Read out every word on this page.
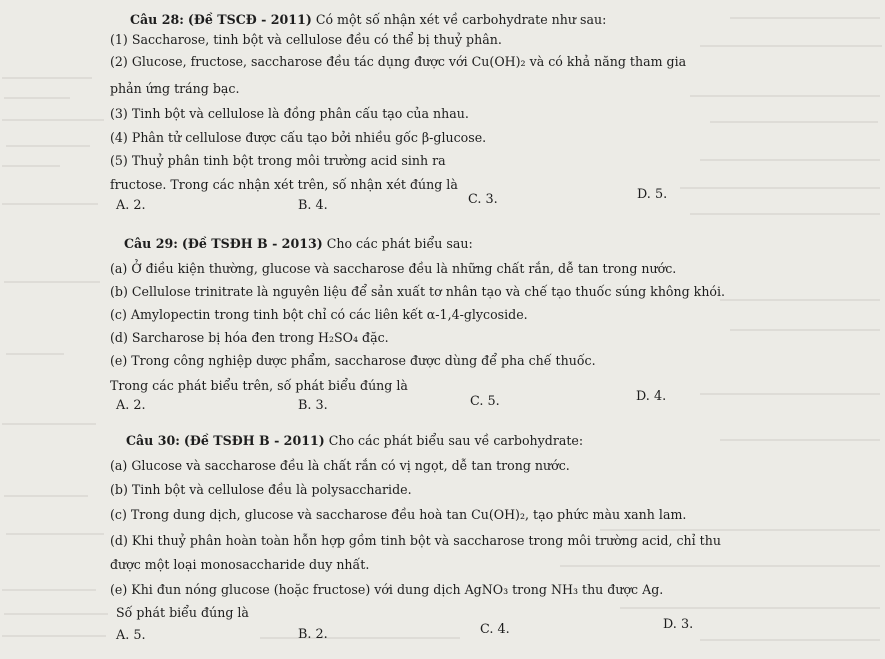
Câu 28: (Đề TSCĐ - 2011) Có một số nhận xét về carbohydrate như sau:
(1) Saccharose, tinh bột và cellulose đều có thể bị thuỷ phân.
(2) Glucose, fructose, saccharose đều tác dụng được với Cu(OH)₂ và có khả năng tham gia
phản ứng tráng bạc.
(3) Tinh bột và cellulose là đồng phân cấu tạo của nhau.
(4) Phân tử cellulose được cấu tạo bởi nhiều gốc β-glucose.
(5) Thuỷ phân tinh bột trong môi trường acid sinh ra
fructose. Trong các nhận xét trên, số nhận xét đúng là
A. 2.	B. 4.	C. 3.	D. 5.
Câu 29: (Đề TSĐH B - 2013) Cho các phát biểu sau:
(a) Ở điều kiện thường, glucose và saccharose đều là những chất rắn, dễ tan trong nước.
(b) Cellulose trinitrate là nguyên liệu để sản xuất tơ nhân tạo và chế tạo thuốc súng không khói.
(c) Amylopectin trong tinh bột chỉ có các liên kết α-1,4-glycoside.
(d) Sarcharose bị hóa đen trong H₂SO₄ đặc.
(e) Trong công nghiệp dược phẩm, saccharose được dùng để pha chế thuốc.
Trong các phát biểu trên, số phát biểu đúng là
A. 2.	B. 3.	C. 5.	D. 4.
Câu 30: (Đề TSĐH B - 2011) Cho các phát biểu sau về carbohydrate:
(a) Glucose và saccharose đều là chất rắn có vị ngọt, dễ tan trong nước.
(b) Tinh bột và cellulose đều là polysaccharide.
(c) Trong dung dịch, glucose và saccharose đều hoà tan Cu(OH)₂, tạo phức màu xanh lam.
(d) Khi thuỷ phân hoàn toàn hỗn hợp gồm tinh bột và saccharose trong môi trường acid, chỉ thu
được một loại monosaccharide duy nhất.
(e) Khi đun nóng glucose (hoặc fructose) với dung dịch AgNO₃ trong NH₃ thu được Ag.
Số phát biểu đúng là
A. 5.	B. 2.	C. 4.	D. 3.
